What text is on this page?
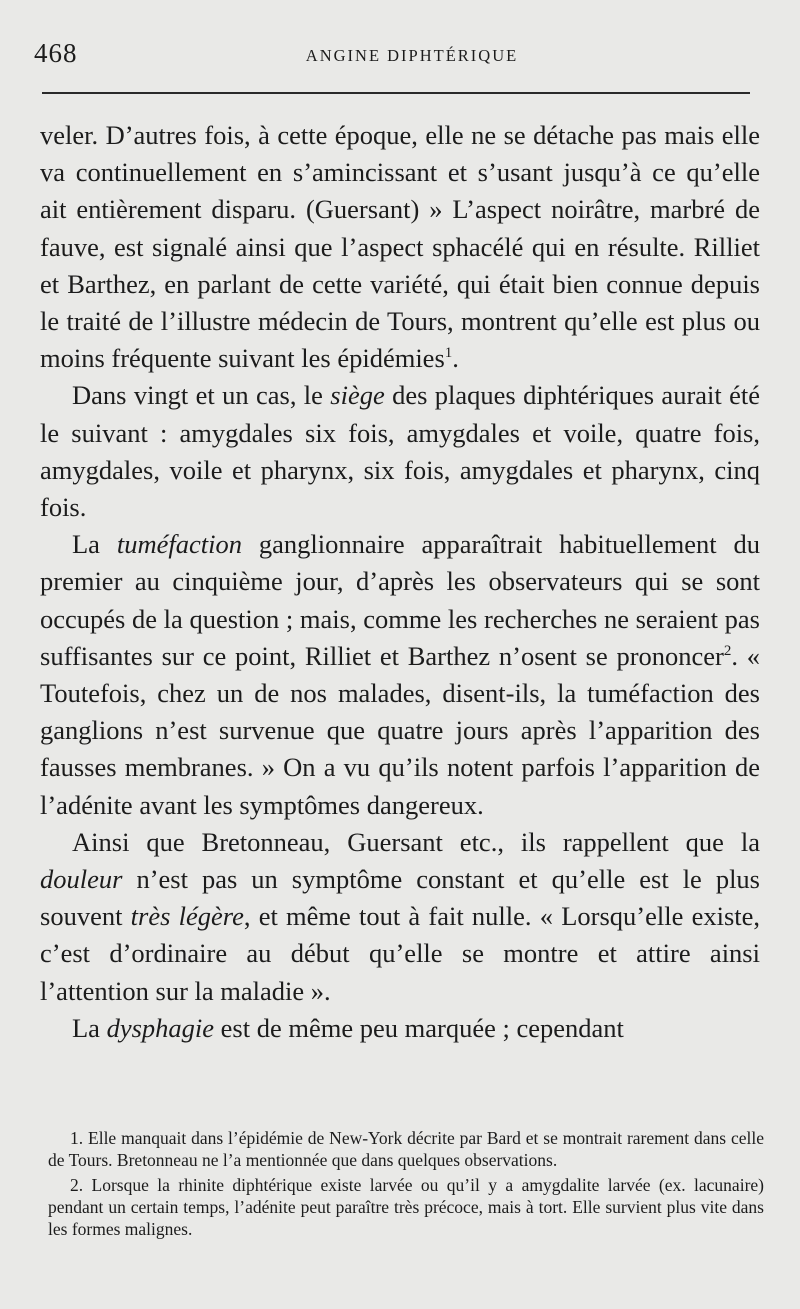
468	ANGINE DIPHTÉRIQUE

veler. D’autres fois, à cette époque, elle ne se détache pas mais elle va continuellement en s’amincissant et s’usant jusqu’à ce qu’elle ait entièrement disparu. (Guersant) » L’aspect noirâtre, marbré de fauve, est signalé ainsi que l’aspect sphacélé qui en résulte. Rilliet et Barthez, en parlant de cette variété, qui était bien connue depuis le traité de l’illustre médecin de Tours, montrent qu’elle est plus ou moins fréquente suivant les épidémies$^1$.

Dans vingt et un cas, le siège des plaques diphtériques aurait été le suivant : amygdales six fois, amygdales et voile, quatre fois, amygdales, voile et pharynx, six fois, amygdales et pharynx, cinq fois.

La tuméfaction ganglionnaire apparaîtrait habituellement du premier au cinquième jour, d’après les observateurs qui se sont occupés de la question ; mais, comme les recherches ne seraient pas suffisantes sur ce point, Rilliet et Barthez n’osent se prononcer$^2$. « Toutefois, chez un de nos malades, disent-ils, la tuméfaction des ganglions n’est survenue que quatre jours après l’apparition des fausses membranes. » On a vu qu’ils notent parfois l’apparition de l’adénite avant les symptômes dangereux.

Ainsi que Bretonneau, Guersant etc., ils rappellent que la douleur n’est pas un symptôme constant et qu’elle est le plus souvent très légère, et même tout à fait nulle. « Lorsqu’elle existe, c’est d’ordinaire au début qu’elle se montre et attire ainsi l’attention sur la maladie ».

La dysphagie est de même peu marquée ; cependant

1. Elle manquait dans l’épidémie de New-York décrite par Bard et se montrait rarement dans celle de Tours. Bretonneau ne l’a mentionnée que dans quelques observations.

2. Lorsque la rhinite diphtérique existe larvée ou qu’il y a amygdalite larvée (ex. lacunaire) pendant un certain temps, l’adénite peut paraître très précoce, mais à tort. Elle survient plus vite dans les formes malignes.
